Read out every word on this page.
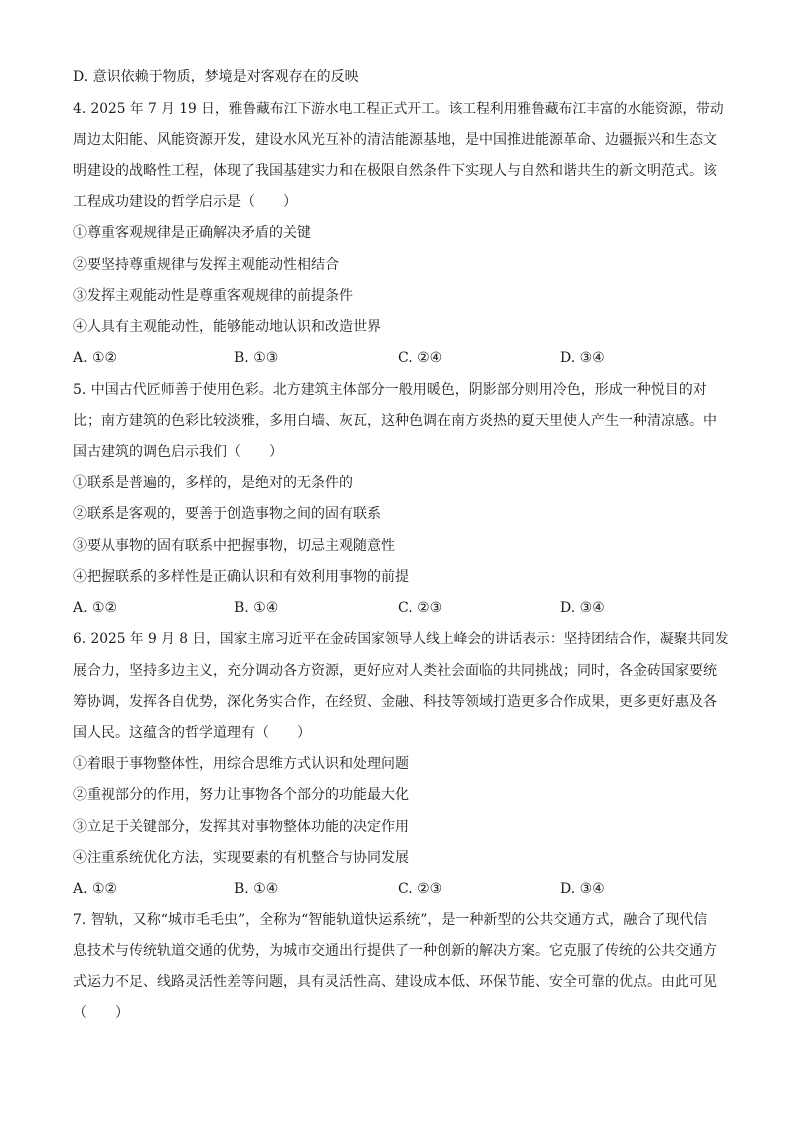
D. 意识依赖于物质，梦境是对客观存在的反映
4. 2025 年 7 月 19 日，雅鲁藏布江下游水电工程正式开工。该工程利用雅鲁藏布江丰富的水能资源，带动
周边太阳能、风能资源开发，建设水风光互补的清洁能源基地，是中国推进能源革命、边疆振兴和生态文
明建设的战略性工程，体现了我国基建实力和在极限自然条件下实现人与自然和谐共生的新文明范式。该
工程成功建设的哲学启示是（　　）
①尊重客观规律是正确解决矛盾的关键
②要坚持尊重规律与发挥主观能动性相结合
③发挥主观能动性是尊重客观规律的前提条件
④人具有主观能动性，能够能动地认识和改造世界
A. ①②	B. ①③	C. ②④	D. ③④
5. 中国古代匠师善于使用色彩。北方建筑主体部分一般用暖色，阴影部分则用冷色，形成一种悦目的对
比；南方建筑的色彩比较淡雅，多用白墙、灰瓦，这种色调在南方炎热的夏天里使人产生一种清凉感。中
国古建筑的调色启示我们（　　）
①联系是普遍的，多样的，是绝对的无条件的
②联系是客观的，要善于创造事物之间的固有联系
③要从事物的固有联系中把握事物，切忌主观随意性
④把握联系的多样性是正确认识和有效利用事物的前提
A. ①②	B. ①④	C. ②③	D. ③④
6. 2025 年 9 月 8 日，国家主席习近平在金砖国家领导人线上峰会的讲话表示：坚持团结合作，凝聚共同发
展合力，坚持多边主义，充分调动各方资源，更好应对人类社会面临的共同挑战；同时，各金砖国家要统
筹协调，发挥各自优势，深化务实合作，在经贸、金融、科技等领域打造更多合作成果，更多更好惠及各
国人民。这蕴含的哲学道理有（　　）
①着眼于事物整体性，用综合思维方式认识和处理问题
②重视部分的作用，努力让事物各个部分的功能最大化
③立足于关键部分，发挥其对事物整体功能的决定作用
④注重系统优化方法，实现要素的有机整合与协同发展
A. ①②	B. ①④	C. ②③	D. ③④
7. 智轨，又称“城市毛毛虫”，全称为“智能轨道快运系统”，是一种新型的公共交通方式，融合了现代信
息技术与传统轨道交通的优势，为城市交通出行提供了一种创新的解决方案。它克服了传统的公共交通方
式运力不足、线路灵活性差等问题，具有灵活性高、建设成本低、环保节能、安全可靠的优点。由此可见
（　　）
